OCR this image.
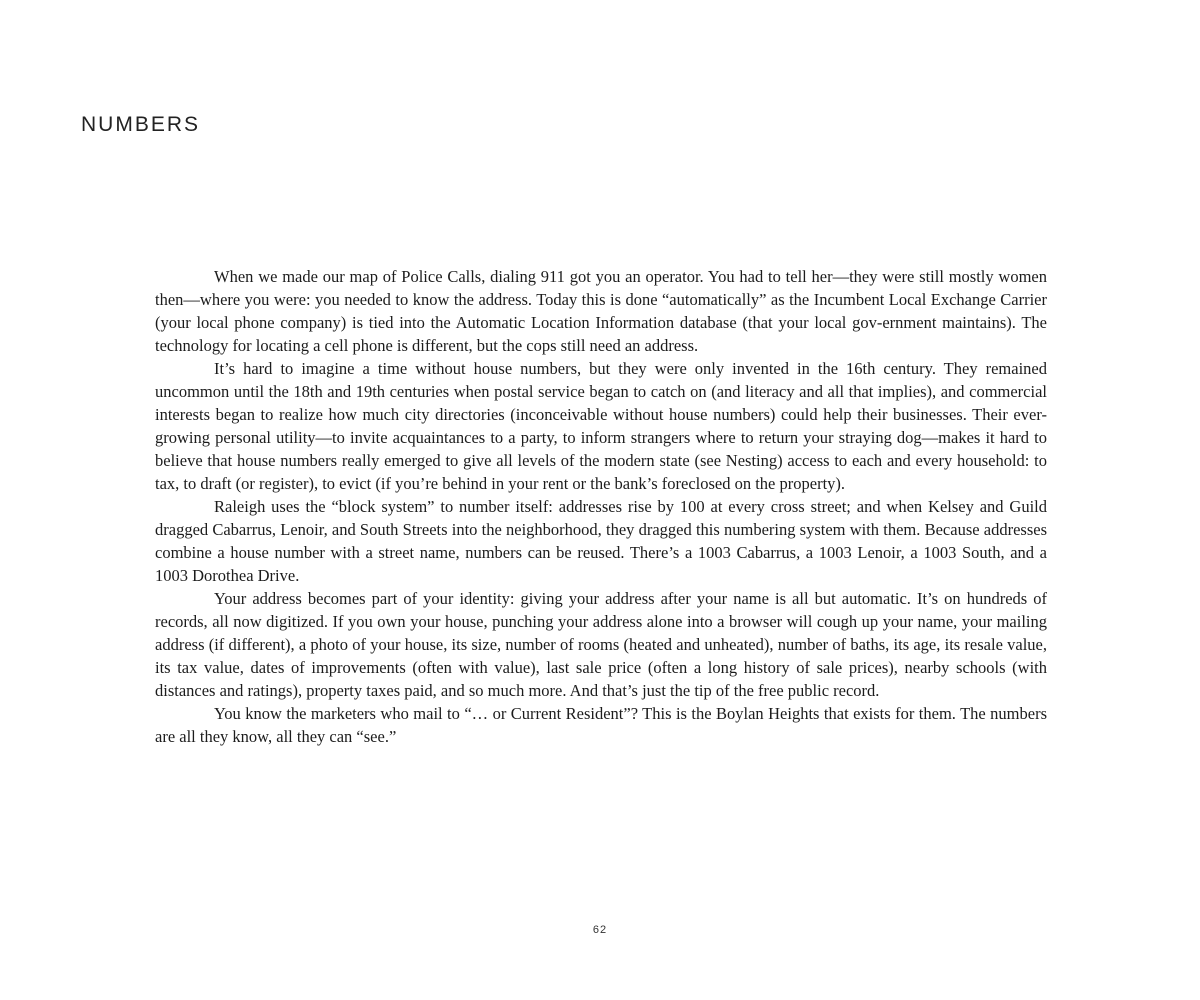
NUMBERS

When we made our map of Police Calls, dialing 911 got you an operator. You had to tell her—they were still mostly women then—where you were: you needed to know the address. Today this is done “automatically” as the Incumbent Local Exchange Carrier (your local phone company) is tied into the Automatic Location Information database (that your local gov-ernment maintains). The technology for locating a cell phone is different, but the cops still need an address.

It’s hard to imagine a time without house numbers, but they were only invented in the 16th century. They remained uncommon until the 18th and 19th centuries when postal service began to catch on (and literacy and all that implies), and commercial interests began to realize how much city directories (inconceivable without house numbers) could help their businesses. Their ever-growing personal utility—to invite acquaintances to a party, to inform strangers where to return your straying dog—makes it hard to believe that house numbers really emerged to give all levels of the modern state (see Nesting) access to each and every household: to tax, to draft (or register), to evict (if you’re behind in your rent or the bank’s foreclosed on the property).

Raleigh uses the “block system” to number itself: addresses rise by 100 at every cross street; and when Kelsey and Guild dragged Cabarrus, Lenoir, and South Streets into the neighborhood, they dragged this numbering system with them. Because addresses combine a house number with a street name, numbers can be reused. There’s a 1003 Cabarrus, a 1003 Lenoir, a 1003 South, and a 1003 Dorothea Drive.

Your address becomes part of your identity: giving your address after your name is all but automatic. It’s on hundreds of records, all now digitized. If you own your house, punching your address alone into a browser will cough up your name, your mailing address (if different), a photo of your house, its size, number of rooms (heated and unheated), number of baths, its age, its resale value, its tax value, dates of improvements (often with value), last sale price (often a long history of sale prices), nearby schools (with distances and ratings), property taxes paid, and so much more. And that’s just the tip of the free public record.

You know the marketers who mail to “… or Current Resident”? This is the Boylan Heights that exists for them. The numbers are all they know, all they can “see.”

62
